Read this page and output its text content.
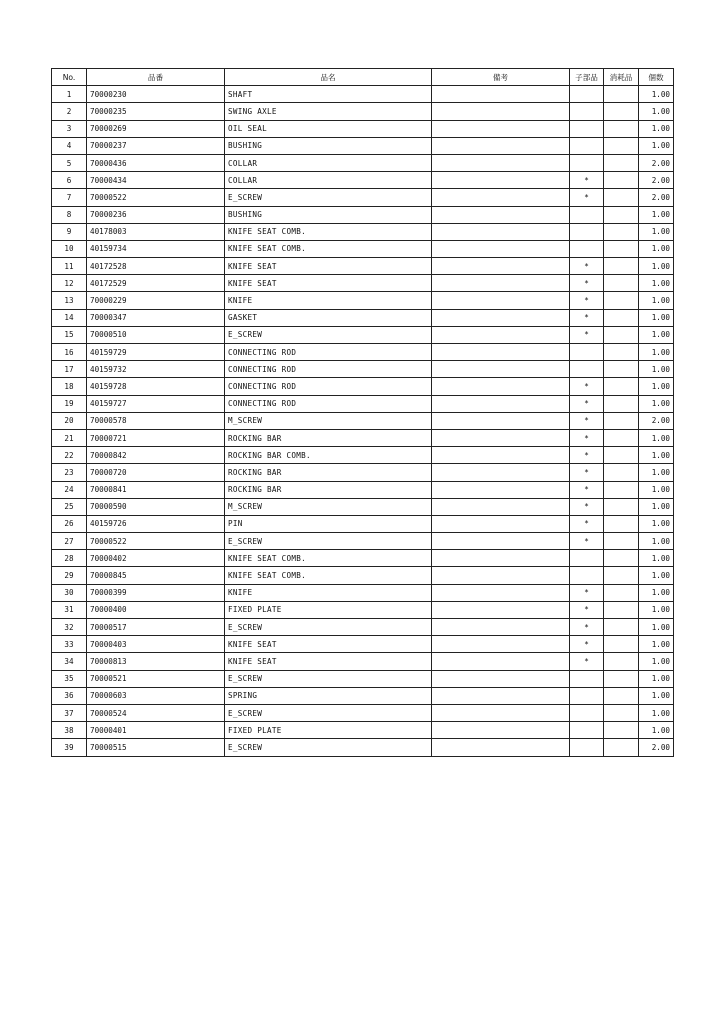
No.	品番	品名	備考	子部品	消耗品	個数
1	70000230	SHAFT				1.00
2	70000235	SWING AXLE				1.00
3	70000269	OIL SEAL				1.00
4	70000237	BUSHING				1.00
5	70000436	COLLAR				2.00
6	70000434	COLLAR		*		2.00
7	70000522	E_SCREW		*		2.00
8	70000236	BUSHING				1.00
9	40178003	KNIFE SEAT COMB.				1.00
10	40159734	KNIFE SEAT COMB.				1.00
11	40172528	KNIFE SEAT		*		1.00
12	40172529	KNIFE SEAT		*		1.00
13	70000229	KNIFE		*		1.00
14	70000347	GASKET		*		1.00
15	70000510	E_SCREW		*		1.00
16	40159729	CONNECTING ROD				1.00
17	40159732	CONNECTING ROD				1.00
18	40159728	CONNECTING ROD		*		1.00
19	40159727	CONNECTING ROD		*		1.00
20	70000578	M_SCREW		*		2.00
21	70000721	ROCKING BAR		*		1.00
22	70000842	ROCKING BAR COMB.		*		1.00
23	70000720	ROCKING BAR		*		1.00
24	70000841	ROCKING BAR		*		1.00
25	70000590	M_SCREW		*		1.00
26	40159726	PIN		*		1.00
27	70000522	E_SCREW		*		1.00
28	70000402	KNIFE SEAT COMB.				1.00
29	70000845	KNIFE SEAT COMB.				1.00
30	70000399	KNIFE		*		1.00
31	70000400	FIXED PLATE		*		1.00
32	70000517	E_SCREW		*		1.00
33	70000403	KNIFE SEAT		*		1.00
34	70000813	KNIFE SEAT		*		1.00
35	70000521	E_SCREW				1.00
36	70000603	SPRING				1.00
37	70000524	E_SCREW				1.00
38	70000401	FIXED PLATE				1.00
39	70000515	E_SCREW				2.00
